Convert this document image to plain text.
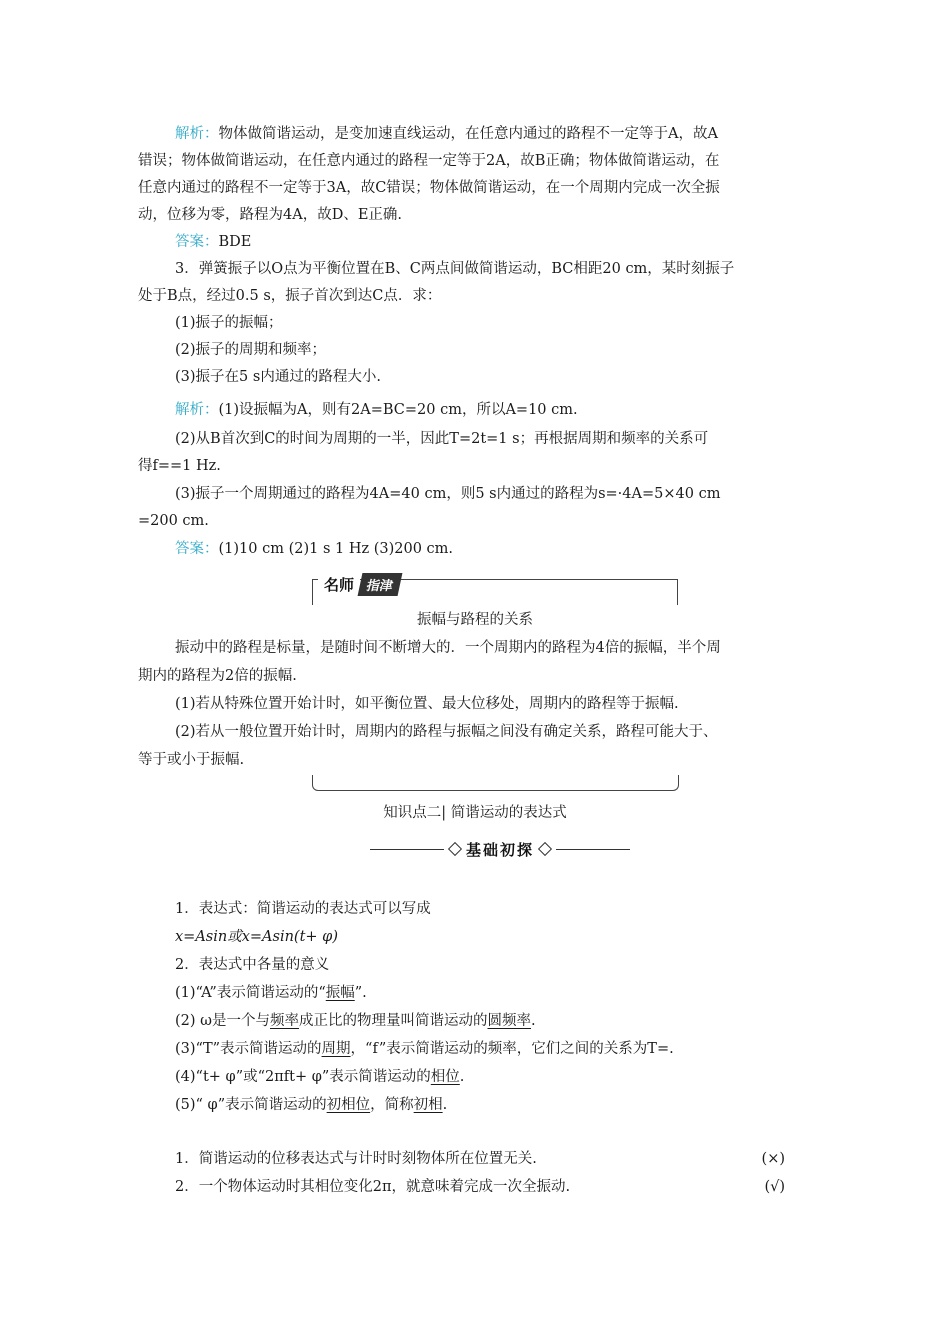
解析：物体做简谐运动，是变加速直线运动，在任意内通过的路程不一定等于A，故A
错误；物体做简谐运动，在任意内通过的路程一定等于2A，故B正确；物体做简谐运动，在
任意内通过的路程不一定等于3A，故C错误；物体做简谐运动，在一个周期内完成一次全振
动，位移为零，路程为4A，故D、E正确.
答案：BDE
3．弹簧振子以O点为平衡位置在B、C两点间做简谐运动，BC相距20 cm，某时刻振子
处于B点，经过0.5 s，振子首次到达C点．求：
(1)振子的振幅；
(2)振子的周期和频率；
(3)振子在5 s内通过的路程大小.
解析：(1)设振幅为A，则有2A=BC=20 cm，所以A=10 cm.
(2)从B首次到C的时间为周期的一半，因此T=2t=1 s；再根据周期和频率的关系可
得f==1 Hz.
(3)振子一个周期通过的路程为4A=40 cm，则5 s内通过的路程为s=·4A=5×40 cm
=200 cm.
答案：(1)10 cm (2)1 s 1 Hz (3)200 cm.
名师 指津
振幅与路程的关系
振动中的路程是标量，是随时间不断增大的．一个周期内的路程为4倍的振幅，半个周
期内的路程为2倍的振幅.
(1)若从特殊位置开始计时，如平衡位置、最大位移处，周期内的路程等于振幅.
(2)若从一般位置开始计时，周期内的路程与振幅之间没有确定关系，路程可能大于、
等于或小于振幅.
知识点二| 简谐运动的表达式
基础初探
1．表达式：简谐运动的表达式可以写成
x=Asin或x=Asin(t+ φ)
2．表达式中各量的意义
(1)“A”表示简谐运动的“振幅”.
(2) ω是一个与频率成正比的物理量叫简谐运动的圆频率.
(3)“T”表示简谐运动的周期，“f”表示简谐运动的频率，它们之间的关系为T=.
(4)“t+ φ”或“2πft+ φ”表示简谐运动的相位.
(5)“ φ”表示简谐运动的初相位，简称初相.
1．简谐运动的位移表达式与计时时刻物体所在位置无关.	(×)
2．一个物体运动时其相位变化2π，就意味着完成一次全振动.	(√)
